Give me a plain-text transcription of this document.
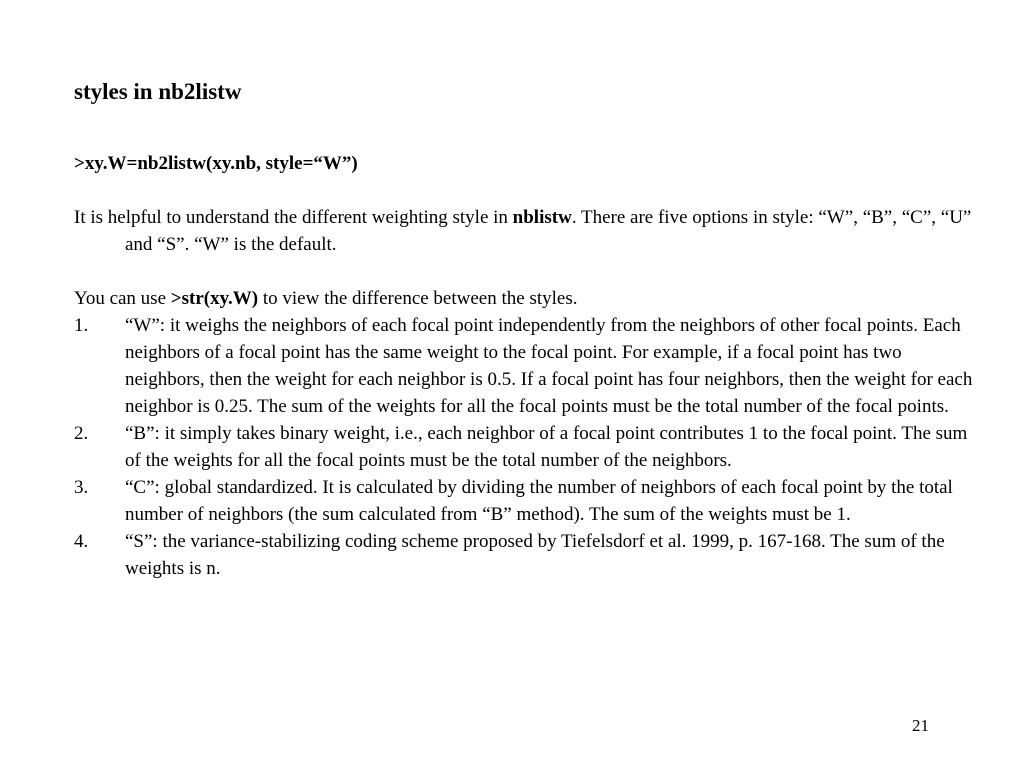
styles in nb2listw

>xy.W=nb2listw(xy.nb, style=“W”)

It is helpful to understand the different weighting style in nblistw. There are five options in style: “W”, “B”, “C”, “U” and “S”. “W” is the default.

You can use >str(xy.W) to view the difference between the styles.

1. “W”: it weighs the neighbors of each focal point independently from the neighbors of other focal points. Each neighbors of a focal point has the same weight to the focal point. For example, if a focal point has two neighbors, then the weight for each neighbor is 0.5. If a focal point has four neighbors, then the weight for each neighbor is 0.25. The sum of the weights for all the focal points must be the total number of the focal points.
2. “B”: it simply takes binary weight, i.e., each neighbor of a focal point contributes 1 to the focal point. The sum of the weights for all the focal points must be the total number of the neighbors.
3. “C”: global standardized. It is calculated by dividing the number of neighbors of each focal point by the total number of neighbors (the sum calculated from “B” method). The sum of the weights must be 1.
4. “S”: the variance-stabilizing coding scheme proposed by Tiefelsdorf et al. 1999, p. 167-168. The sum of the weights is n.
21
